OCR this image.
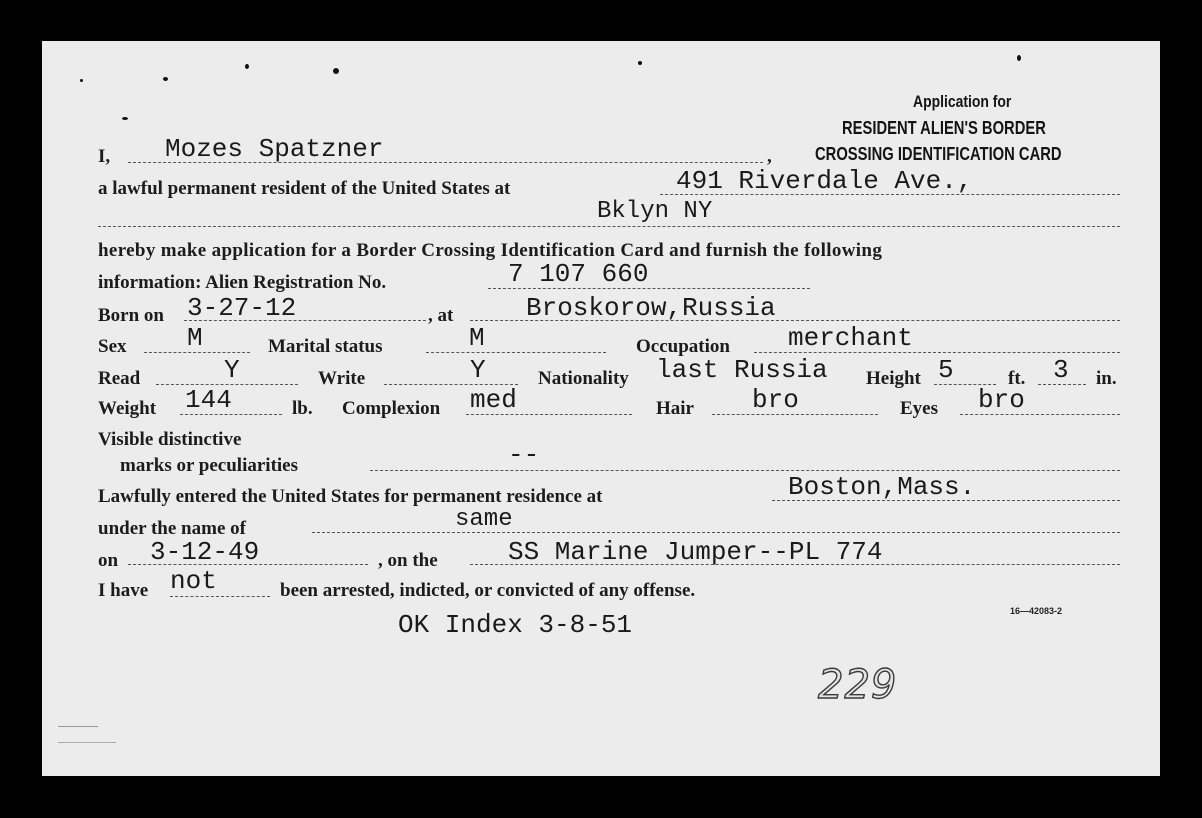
Application for
RESIDENT ALIEN'S BORDER
CROSSING IDENTIFICATION CARD
I, Mozes Spatzner	,
a lawful permanent resident of the United States at	491 Riverdale Ave.,
Bklyn NY
hereby make application for a Border Crossing Identification Card and furnish the following
information: Alien Registration No.	7 107 660
Born on 3-27-12	, at	Broskorow,Russia
Sex M	Marital status	M	Occupation merchant
Read	Y	Write	Y	Nationality last Russia Height 5	ft. 3 in.
Weight 144	lb. Complexion med	Hair bro	Eyes bro
Visible distinctive
marks or peculiarities	--
Lawfully entered the United States for permanent residence at	Boston,Mass.
under the name of	same
on 3-12-49	, on the	SS Marine Jumper--PL 774
I have not	been arrested, indicted, or convicted of any offense.
16—42083-2
OK Index 3-8-51
229
